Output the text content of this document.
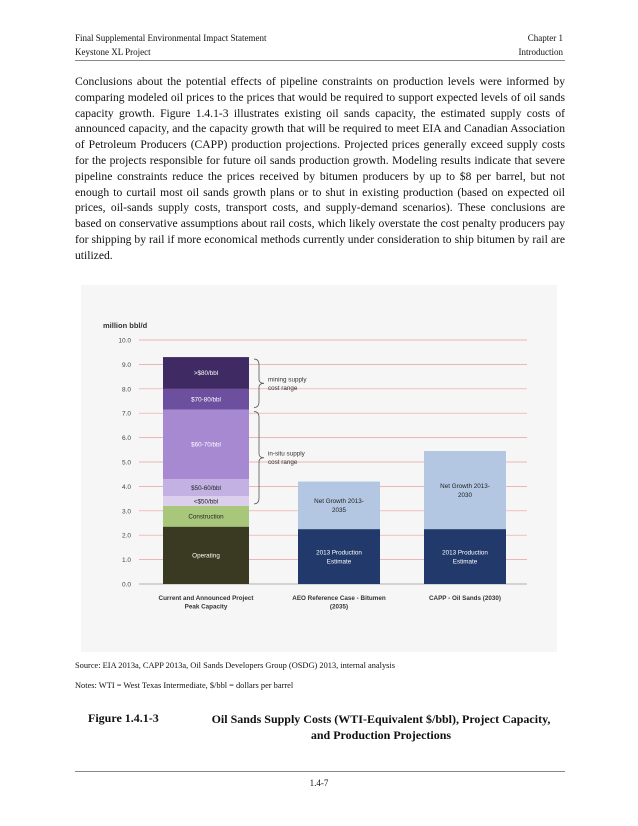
Final Supplemental Environmental Impact Statement	Chapter 1
Keystone XL Project	Introduction

Conclusions about the potential effects of pipeline constraints on production levels were informed by comparing modeled oil prices to the prices that would be required to support expected levels of oil sands capacity growth. Figure 1.4.1-3 illustrates existing oil sands capacity, the estimated supply costs of announced capacity, and the capacity growth that will be required to meet EIA and Canadian Association of Petroleum Producers (CAPP) production projections. Projected prices generally exceed supply costs for the projects responsible for future oil sands production growth. Modeling results indicate that severe pipeline constraints reduce the prices received by bitumen producers by up to $8 per barrel, but not enough to curtail most oil sands growth plans or to shut in existing production (based on expected oil prices, oil-sands supply costs, transport costs, and supply-demand scenarios). These conclusions are based on conservative assumptions about rail costs, which likely overstate the cost penalty producers pay for shipping by rail if more economical methods currently under consideration to ship bitumen by rail are utilized.

Operating
Construction
<$50/bbl
$50-60/bbl
$60-70/bbl
$70-80/bbl
>$80/bbl
2013 Production
Estimate
Net Growth 2013-
2035
2013 Production
Estimate
Net Growth 2013-
2030
mining supply
cost range
in-situ supply
cost range
million bbl/d
0.0
1.0
2.0
3.0
4.0
5.0
6.0
7.0
8.0
9.0
10.0
Current and Announced Project
Peak Capacity
AEO Reference Case - Bitumen
(2035)
CAPP - Oil Sands (2030)
Source: EIA 2013a, CAPP 2013a, Oil Sands Developers Group (OSDG) 2013, internal analysis
Notes: WTI = West Texas Intermediate, $/bbl = dollars per barrel
Figure 1.4.1-3	Oil Sands Supply Costs (WTI-Equivalent $/bbl), Project Capacity,
and Production Projections
1.4-7
